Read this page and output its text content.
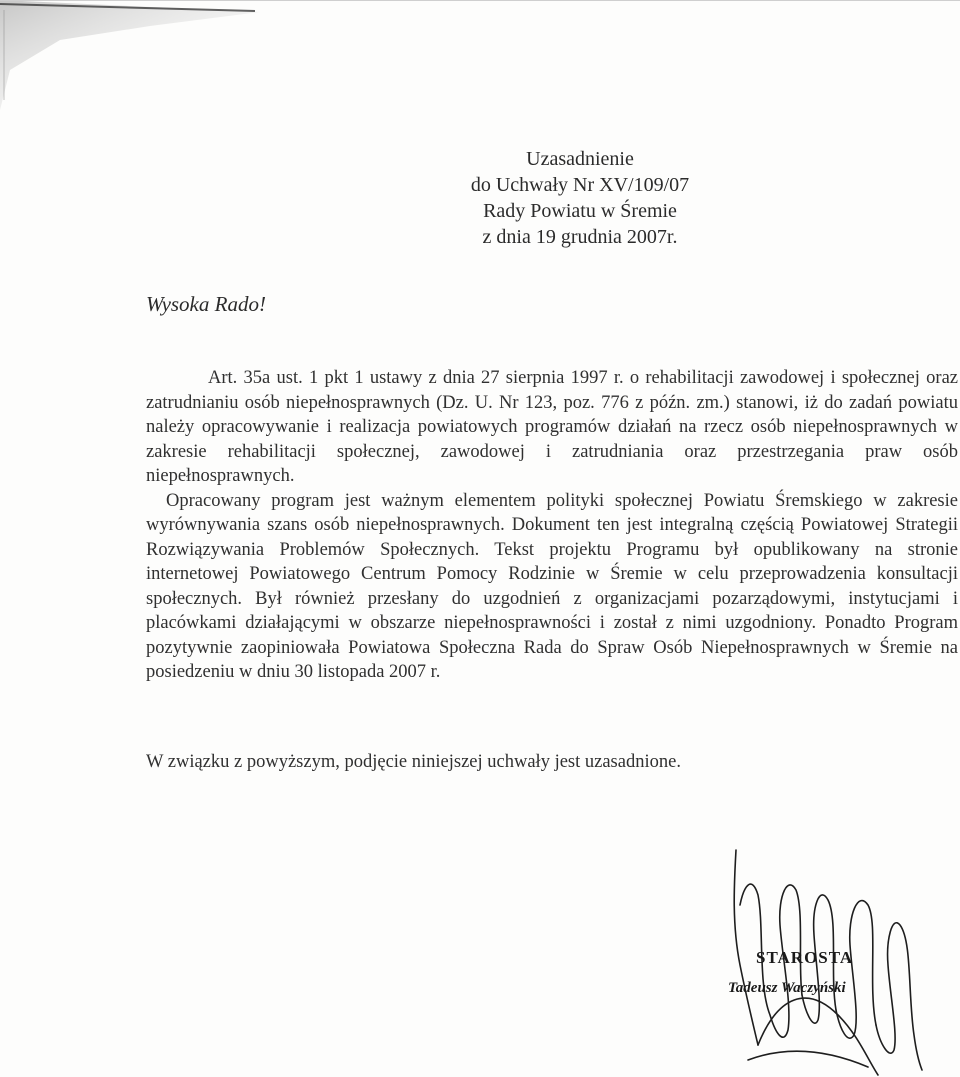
Uzasadnienie
do Uchwały Nr XV/109/07
Rady Powiatu w Śremie
z dnia 19 grudnia 2007r.
Wysoka Rado!

Art. 35a ust. 1 pkt 1 ustawy z dnia 27 sierpnia 1997 r. o rehabilitacji zawodowej i społecznej oraz zatrudnianiu osób niepełnosprawnych (Dz. U. Nr 123, poz. 776 z późn. zm.) stanowi, iż do zadań powiatu należy opracowywanie i realizacja powiatowych programów działań na rzecz osób niepełnosprawnych w zakresie rehabilitacji społecznej, zawodowej i zatrudniania oraz przestrzegania praw osób niepełnosprawnych.

Opracowany program jest ważnym elementem polityki społecznej Powiatu Śremskiego w zakresie wyrównywania szans osób niepełnosprawnych. Dokument ten jest integralną częścią Powiatowej Strategii Rozwiązywania Problemów Społecznych. Tekst projektu Programu był opublikowany na stronie internetowej Powiatowego Centrum Pomocy Rodzinie w Śremie w celu przeprowadzenia konsultacji społecznych. Był również przesłany do uzgodnień z organizacjami pozarządowymi, instytucjami i placówkami działającymi w obszarze niepełnosprawności i został z nimi uzgodniony. Ponadto Program pozytywnie zaopiniowała Powiatowa Społeczna Rada do Spraw Osób Niepełnosprawnych w Śremie na posiedzeniu w dniu 30 listopada 2007 r.

W związku z powyższym, podjęcie niniejszej uchwały jest uzasadnione.
STAROSTA
Tadeusz Waczyński
